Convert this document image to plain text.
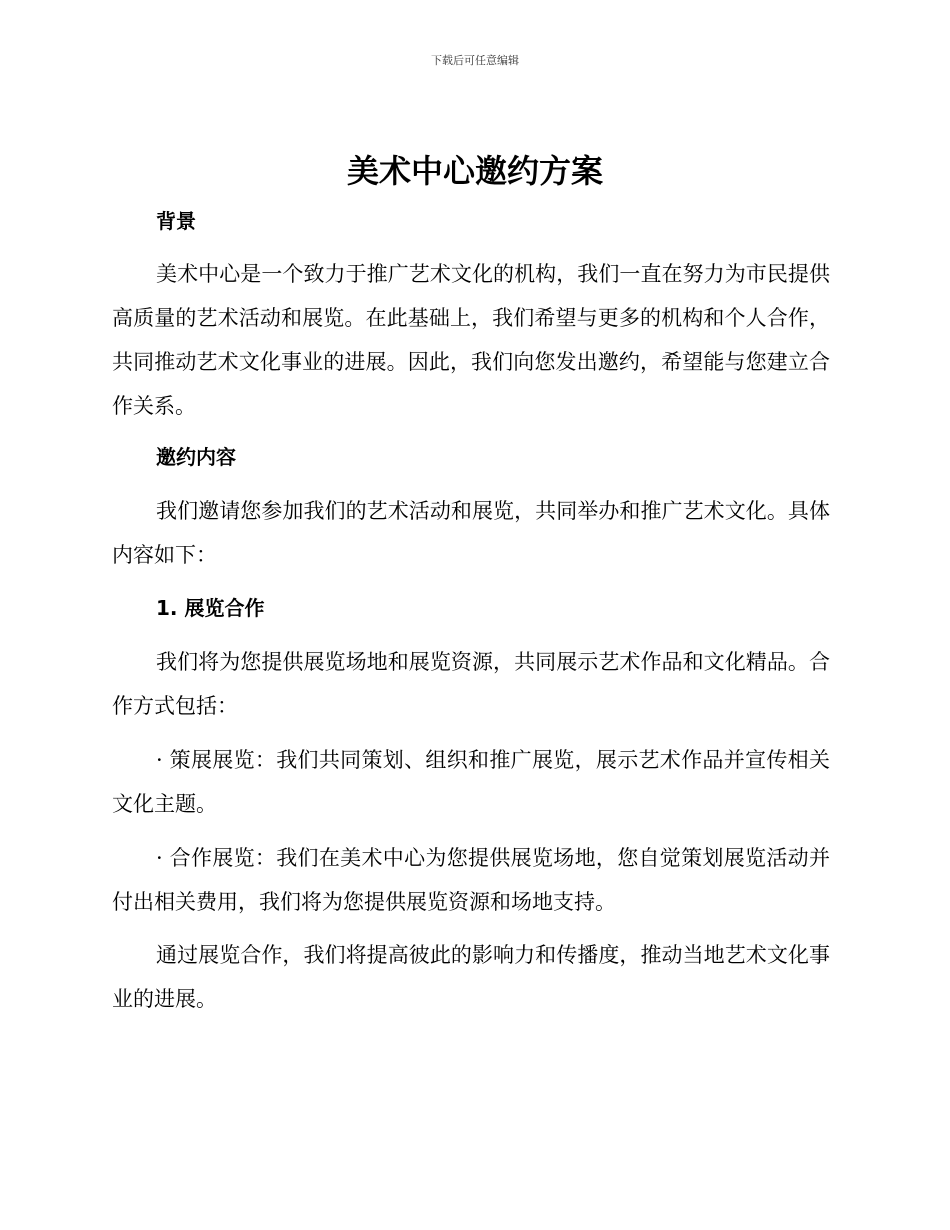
下载后可任意编辑
美术中心邀约方案
背景

美术中心是一个致力于推广艺术文化的机构，我们一直在努力为市民提供高质量的艺术活动和展览。在此基础上，我们希望与更多的机构和个人合作，共同推动艺术文化事业的进展。因此，我们向您发出邀约，希望能与您建立合作关系。

邀约内容

我们邀请您参加我们的艺术活动和展览，共同举办和推广艺术文化。具体内容如下：

1. 展览合作

我们将为您提供展览场地和展览资源，共同展示艺术作品和文化精品。合作方式包括：

· 策展展览：我们共同策划、组织和推广展览，展示艺术作品并宣传相关文化主题。

· 合作展览：我们在美术中心为您提供展览场地，您自觉策划展览活动并付出相关费用，我们将为您提供展览资源和场地支持。

通过展览合作，我们将提高彼此的影响力和传播度，推动当地艺术文化事业的进展。
